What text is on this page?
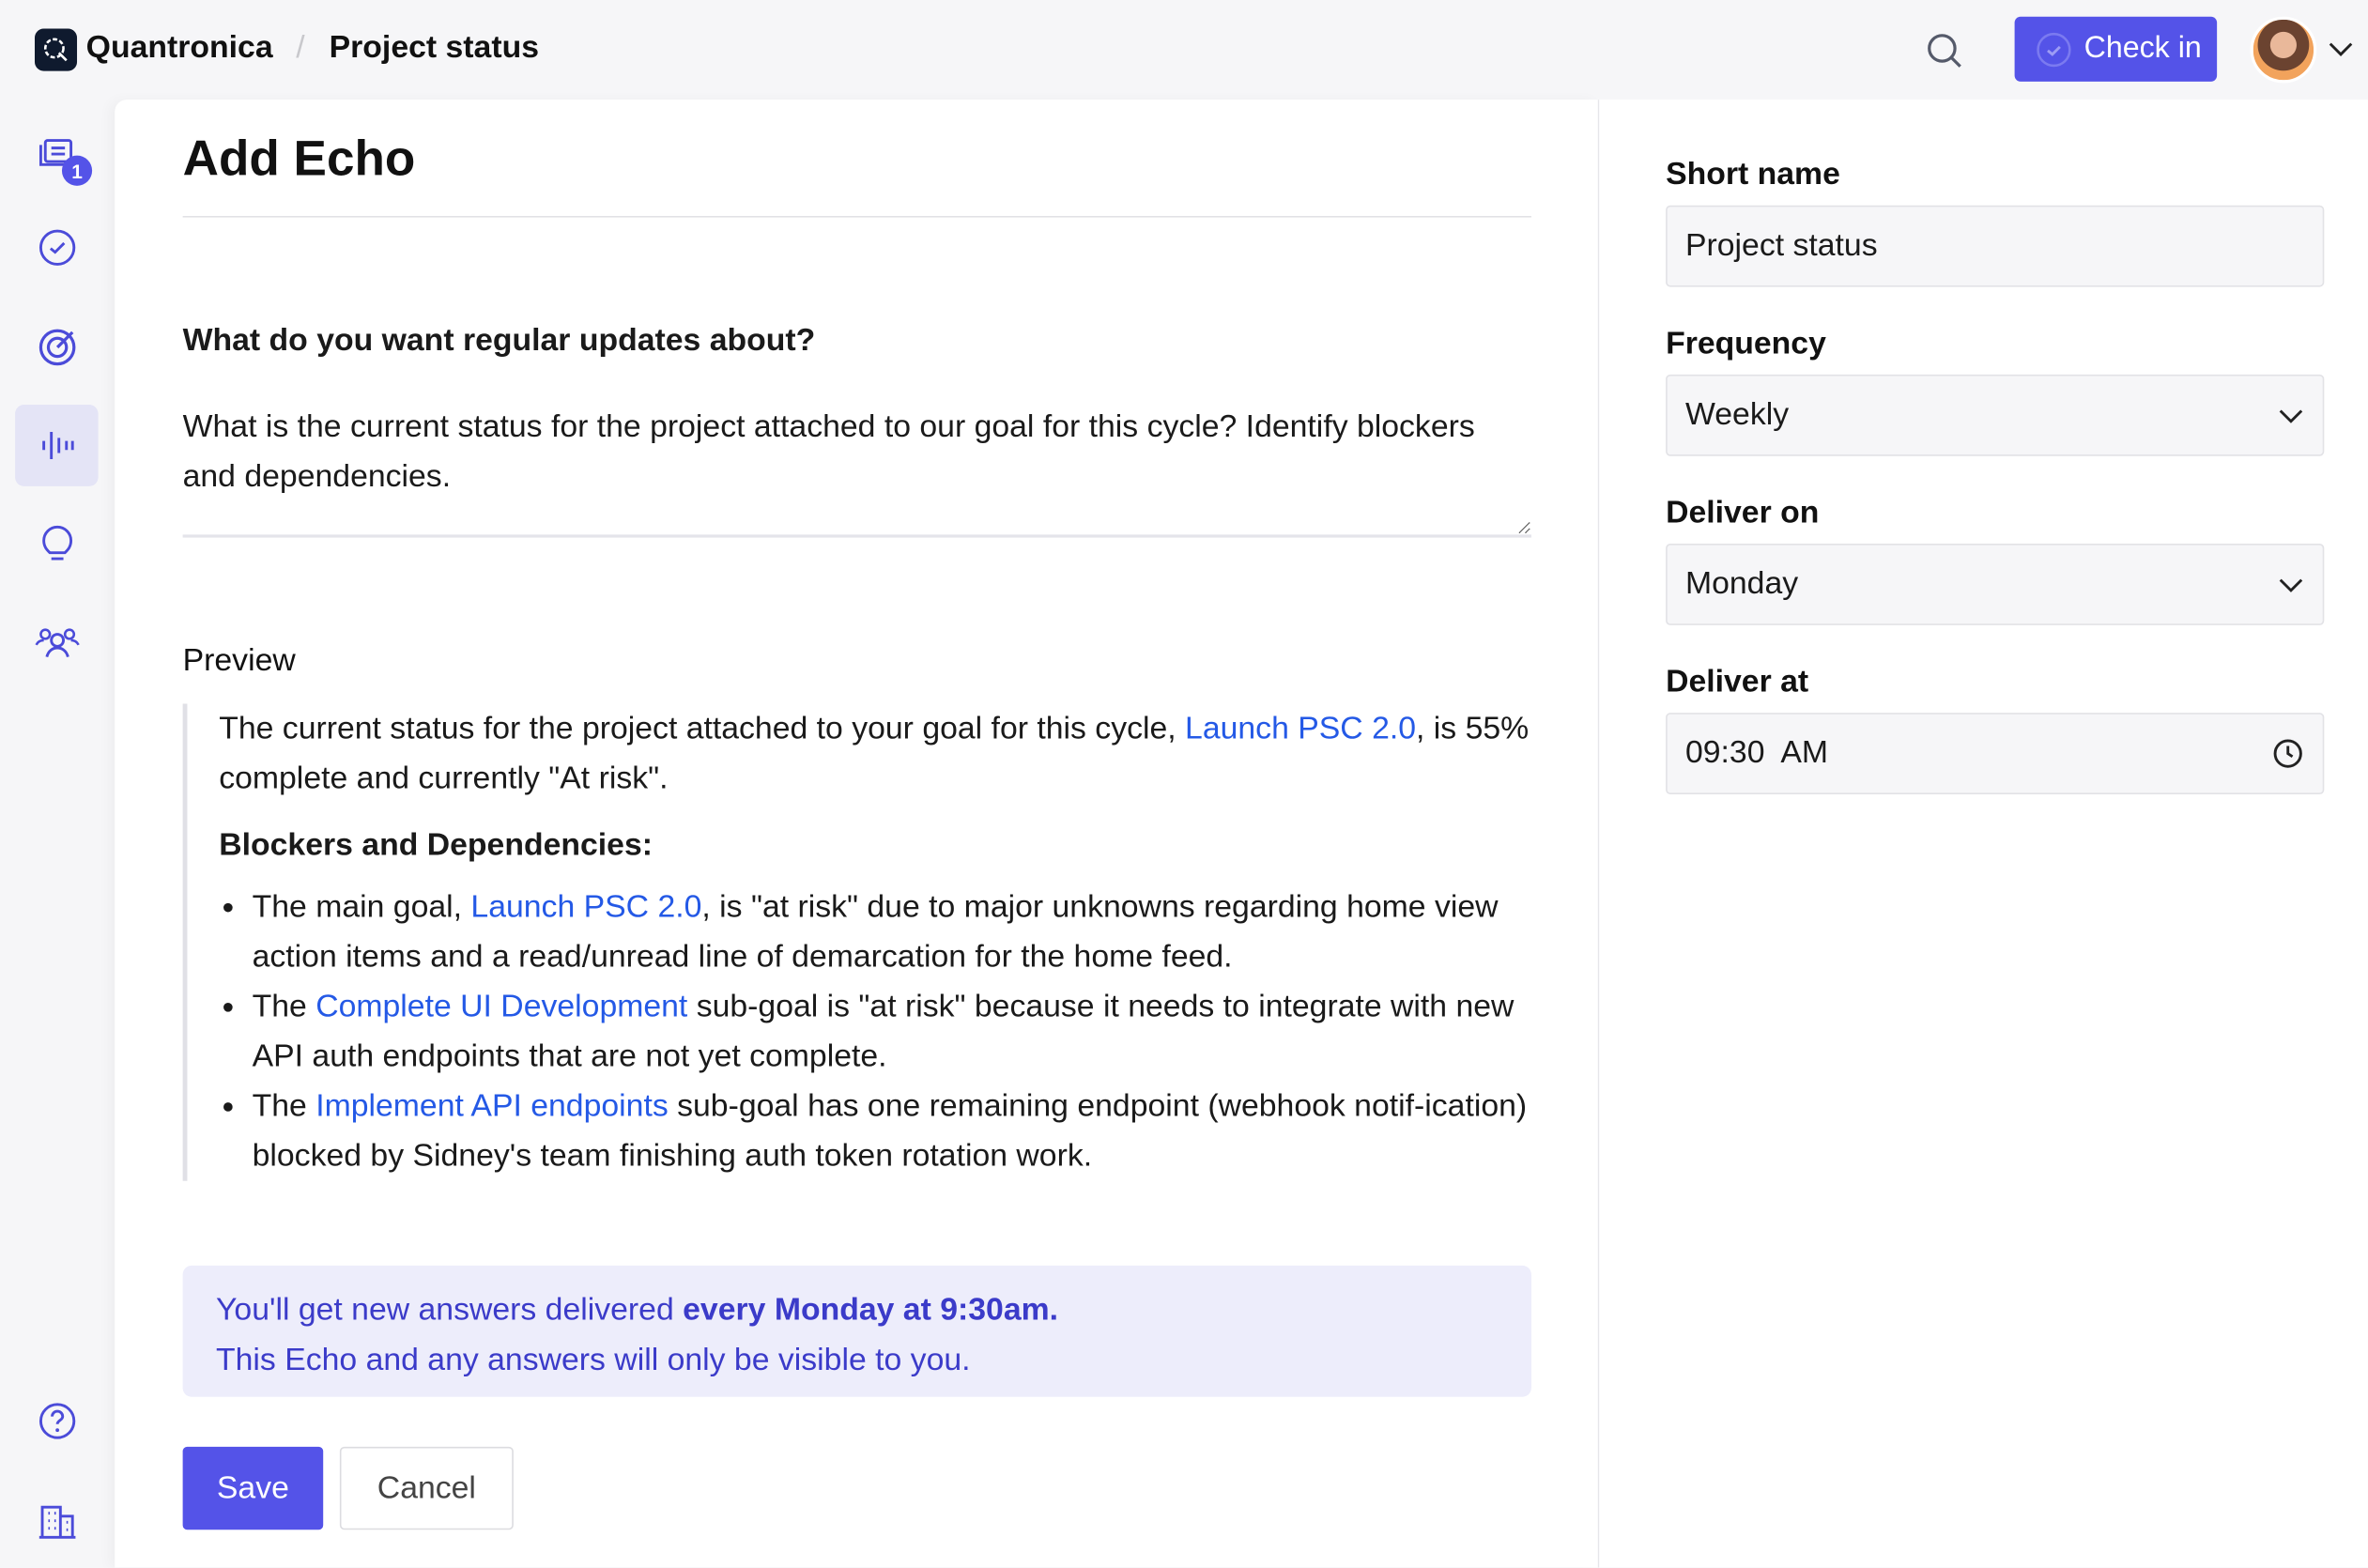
Quantronica / Project status	Check in
1	Add Echo
What do you want regular updates about?
What is the current status for the project attached to our goal for this cycle? Identify blockers and dependencies.
Preview

The current status for the project attached to your goal for this cycle, Launch PSC 2.0, is 55% complete and currently "At risk".

Blockers and Dependencies:

• The main goal, Launch PSC 2.0, is "at risk" due to major unknowns regarding home view action items and a read/unread line of demarcation for the home feed.
• The Complete UI Development sub-goal is "at risk" because it needs to integrate with new API auth endpoints that are not yet complete.
• The Implement API endpoints sub-goal has one remaining endpoint (webhook notif-ication) blocked by Sidney's team finishing auth token rotation work.
You'll get new answers delivered every Monday at 9:30am.
This Echo and any answers will only be visible to you.
Save	Cancel
Short name
Project status
Frequency
Weekly
Deliver on
Monday
Deliver at
09:30  AM
